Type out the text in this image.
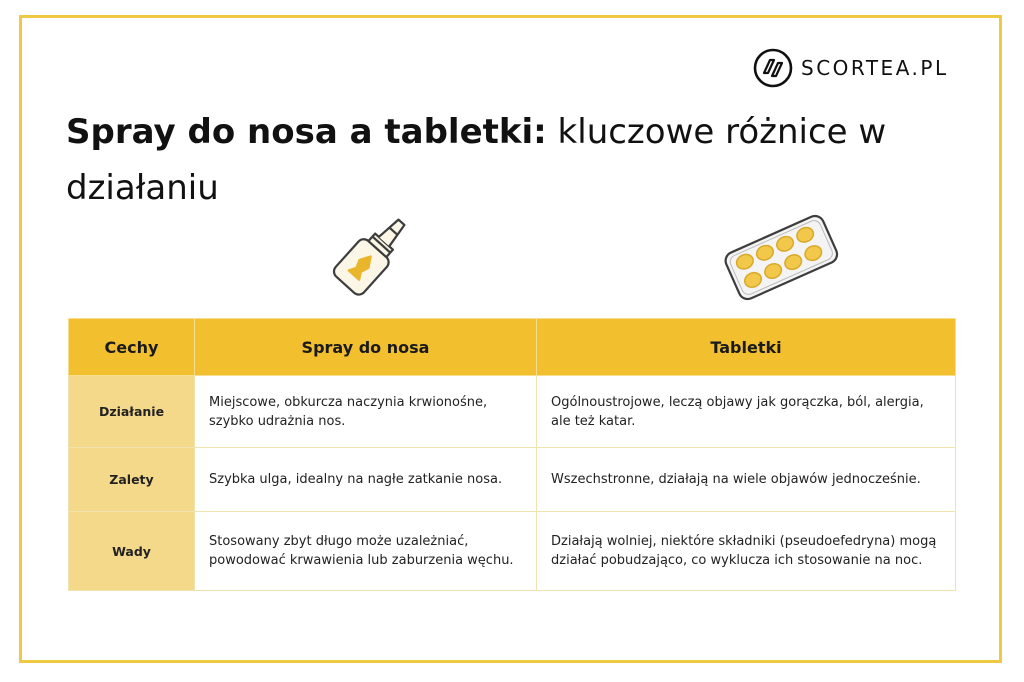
SCORTEA.PL
Spray do nosa a tabletki: kluczowe różnice w działaniu
Cechy	Spray do nosa	Tabletki
Działanie	Miejscowe, obkurcza naczynia krwionośne, szybko udrażnia nos.	Ogólnoustrojowe, leczą objawy jak gorączka, ból, alergia, ale też katar.
Zalety	Szybka ulga, idealny na nagłe zatkanie nosa.	Wszechstronne, działają na wiele objawów jednocześnie.
Wady	Stosowany zbyt długo może uzależniać, powodować krwawienia lub zaburzenia węchu.	Działają wolniej, niektóre składniki (pseudoefedryna) mogą działać pobudzająco, co wyklucza ich stosowanie na noc.
